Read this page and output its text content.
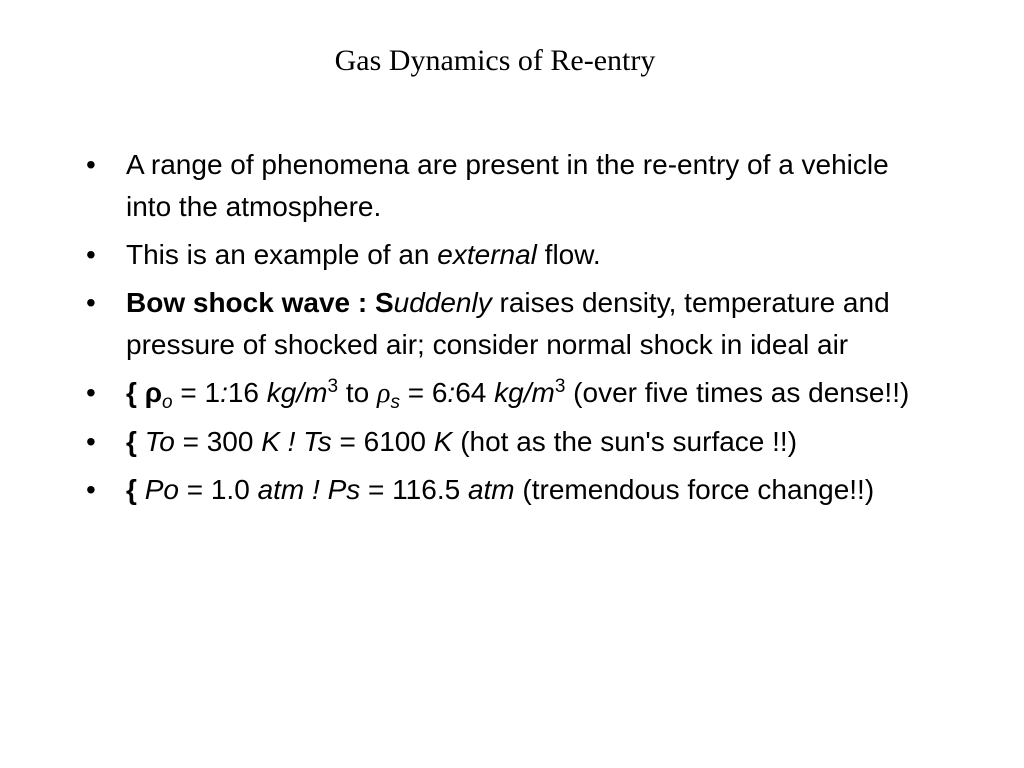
Gas Dynamics of Re-entry
•	A range of phenomena are present in the re-entry of a vehicle into the atmosphere.
•	This is an example of an external flow.
•	Bow shock wave : Suddenly raises density, temperature and pressure of shocked air; consider normal shock in ideal air
•	{ $\rho_o$ = 1:16 $kg/m^3$ to $\rho_s$ = 6:64 $kg/m^3$ (over five times as dense!!)
•	{ To = 300 K ! Ts = 6100 K (hot as the sun's surface !!)
•	{ Po = 1.0 atm ! Ps = 116.5 atm (tremendous force change!!)
